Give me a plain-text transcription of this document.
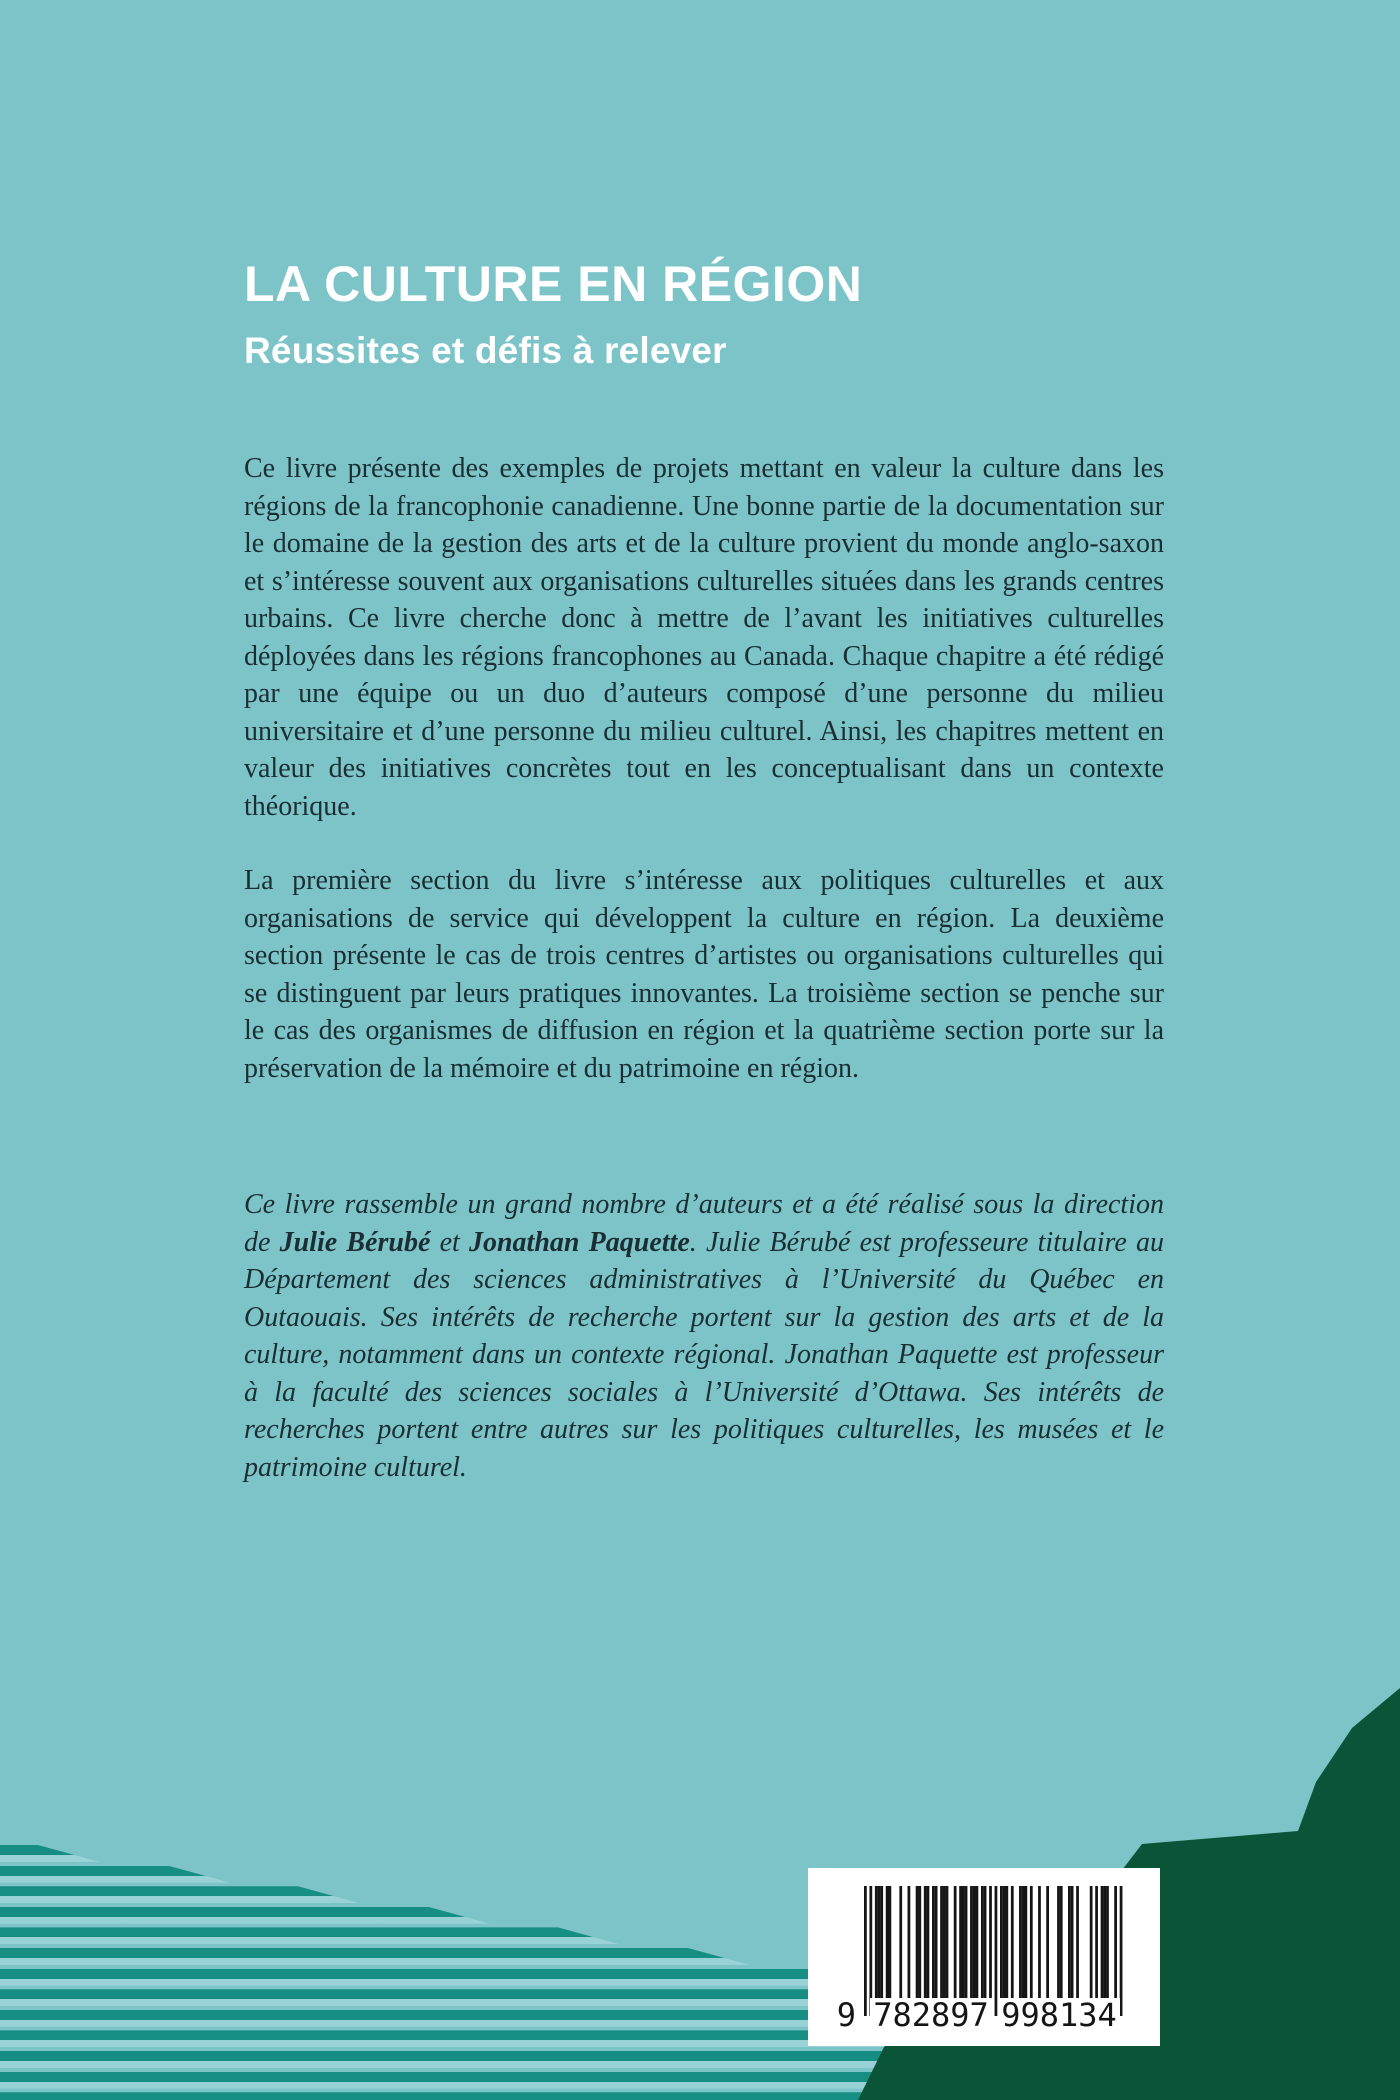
LA CULTURE EN RÉGION
Réussites et défis à relever

Ce livre présente des exemples de projets mettant en valeur la culture dans les régions de la francophonie canadienne. Une bonne partie de la documentation sur le domaine de la gestion des arts et de la culture provient du monde anglo-saxon et s’intéresse souvent aux organisations culturelles situées dans les grands centres urbains. Ce livre cherche donc à mettre de l’avant les initiatives culturelles déployées dans les régions francophones au Canada. Chaque chapitre a été rédigé par une équipe ou un duo d’auteurs composé d’une personne du milieu universitaire et d’une personne du milieu culturel. Ainsi, les chapitres mettent en valeur des initiatives concrètes tout en les conceptualisant dans un contexte théorique.

La première section du livre s’intéresse aux politiques culturelles et aux organisations de service qui développent la culture en région. La deuxième section présente le cas de trois centres d’artistes ou organisations culturelles qui se distinguent par leurs pratiques innovantes. La troisième section se penche sur le cas des organismes de diffusion en région et la quatrième section porte sur la préservation de la mémoire et du patrimoine en région.

Ce livre rassemble un grand nombre d’auteurs et a été réalisé sous la direction de Julie Bérubé et Jonathan Paquette. Julie Bérubé est professeure titulaire au Département des sciences administratives à l’Université du Québec en Outaouais. Ses intérêts de recherche portent sur la gestion des arts et de la culture, notamment dans un contexte régional. Jonathan Paquette est professeur à la faculté des sciences sociales à l’Université d’Ottawa. Ses intérêts de recherches portent entre autres sur les politiques culturelles, les musées et le patrimoine culturel.

9 782897 998134
